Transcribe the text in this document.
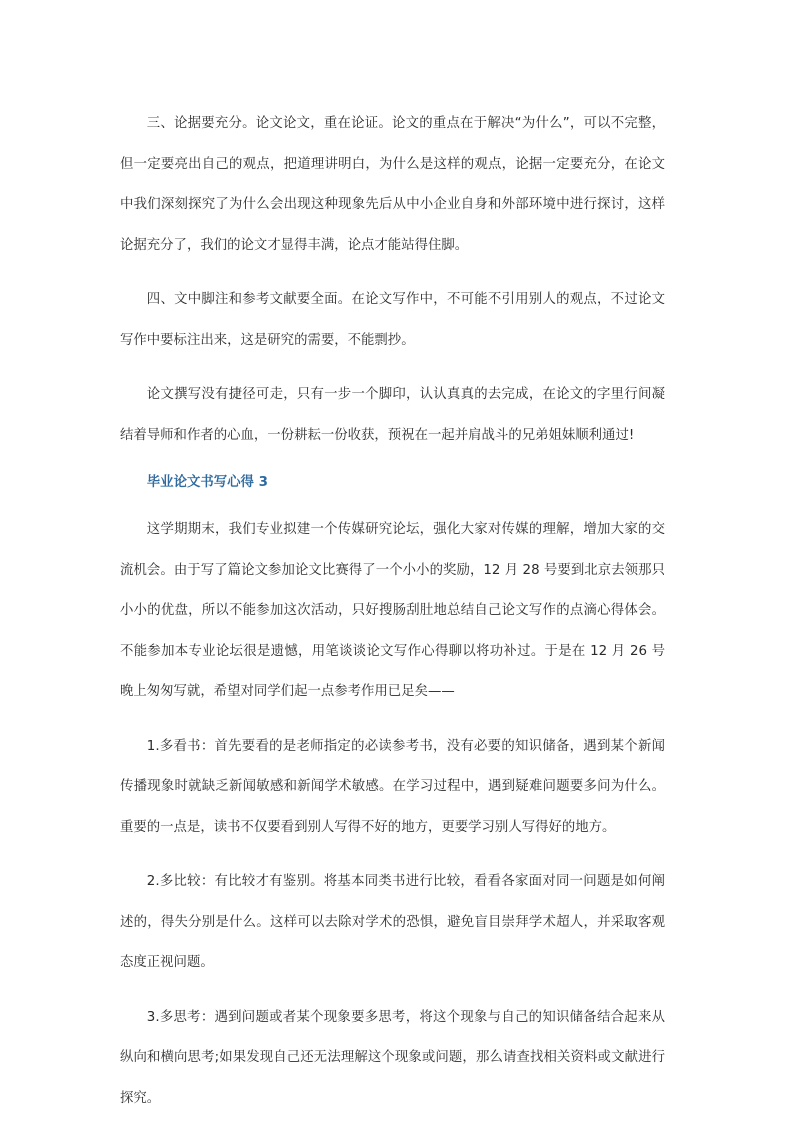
三、论据要充分。论文论文，重在论证。论文的重点在于解决“为什么”，可以不完整，但一定要亮出自己的观点，把道理讲明白，为什么是这样的观点，论据一定要充分，在论文中我们深刻探究了为什么会出现这种现象先后从中小企业自身和外部环境中进行探讨，这样论据充分了，我们的论文才显得丰满，论点才能站得住脚。

四、文中脚注和参考文献要全面。在论文写作中，不可能不引用别人的观点，不过论文写作中要标注出来，这是研究的需要，不能剽抄。

论文撰写没有捷径可走，只有一步一个脚印，认认真真的去完成，在论文的字里行间凝结着导师和作者的心血，一份耕耘一份收获，预祝在一起并肩战斗的兄弟姐妹顺利通过!

毕业论文书写心得 3

这学期期末，我们专业拟建一个传媒研究论坛，强化大家对传媒的理解，增加大家的交流机会。由于写了篇论文参加论文比赛得了一个小小的奖励，12 月 28 号要到北京去领那只小小的优盘，所以不能参加这次活动，只好搜肠刮肚地总结自己论文写作的点滴心得体会。不能参加本专业论坛很是遗憾，用笔谈谈论文写作心得聊以将功补过。于是在 12 月 26 号晚上匆匆写就，希望对同学们起一点参考作用已足矣——

1.多看书：首先要看的是老师指定的必读参考书，没有必要的知识储备，遇到某个新闻传播现象时就缺乏新闻敏感和新闻学术敏感。在学习过程中，遇到疑难问题要多问为什么。重要的一点是，读书不仅要看到别人写得不好的地方，更要学习别人写得好的地方。

2.多比较：有比较才有鉴别。将基本同类书进行比较，看看各家面对同一问题是如何阐述的，得失分别是什么。这样可以去除对学术的恐惧，避免盲目崇拜学术超人，并采取客观态度正视问题。

3.多思考：遇到问题或者某个现象要多思考，将这个现象与自己的知识储备结合起来从纵向和横向思考;如果发现自己还无法理解这个现象或问题，那么请查找相关资料或文献进行探究。
